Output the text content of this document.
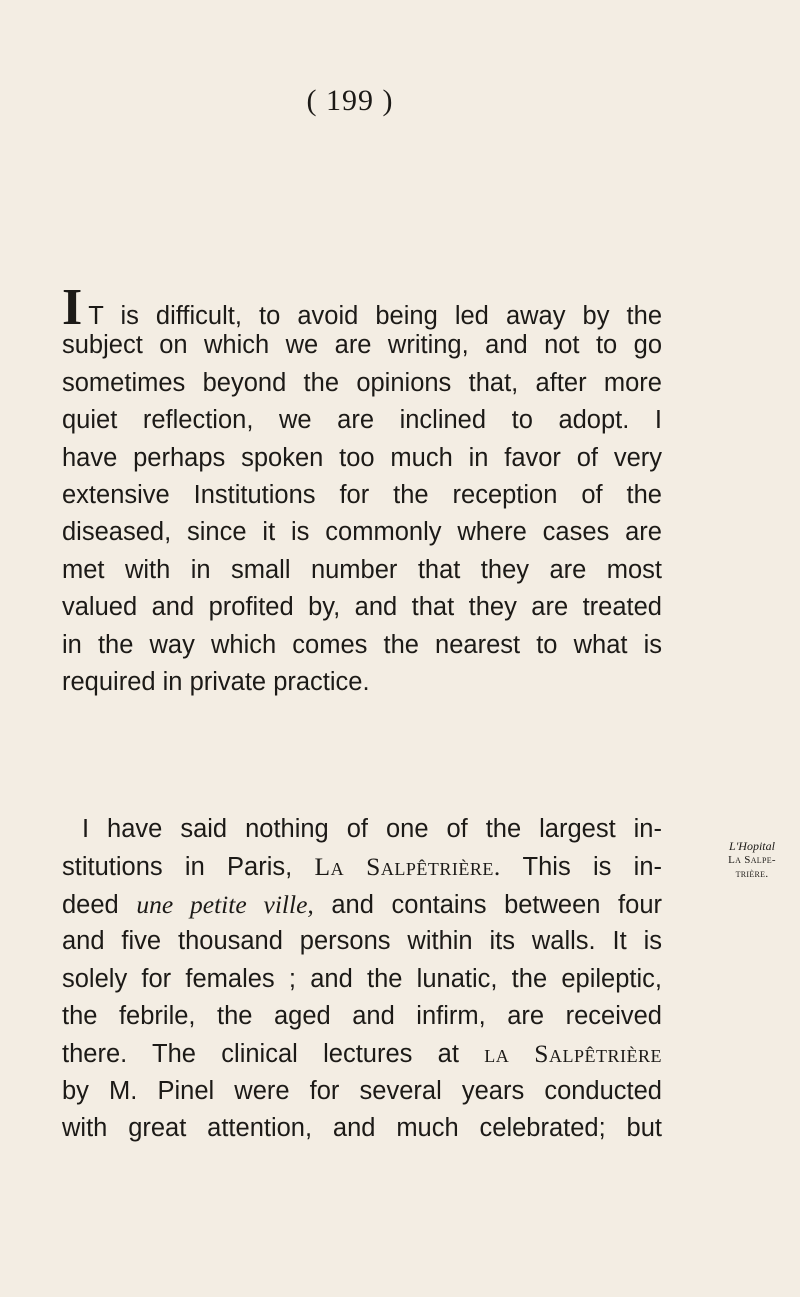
( 199 )
I T is difficult, to avoid being led away by the
subject on which we are writing, and not to go
sometimes beyond the opinions that, after more
quiet reflection, we are inclined to adopt. I
have perhaps spoken too much in favor of very
extensive Institutions for the reception of the
diseased, since it is commonly where cases are
met with in small number that they are most
valued and profited by, and that they are treated
in the way which comes the nearest to what is
required in private practice.
I have said nothing of one of the largest in-
stitutions in Paris, La Salpêtrière. This is in-
deed une petite ville, and contains between four
and five thousand persons within its walls. It is
solely for females ; and the lunatic, the epileptic,
the febrile, the aged and infirm, are received
there. The clinical lectures at la Salpêtrière
by M. Pinel were for several years conducted
with great attention, and much celebrated; but
L'Hopital
La Salpe-
trière.
